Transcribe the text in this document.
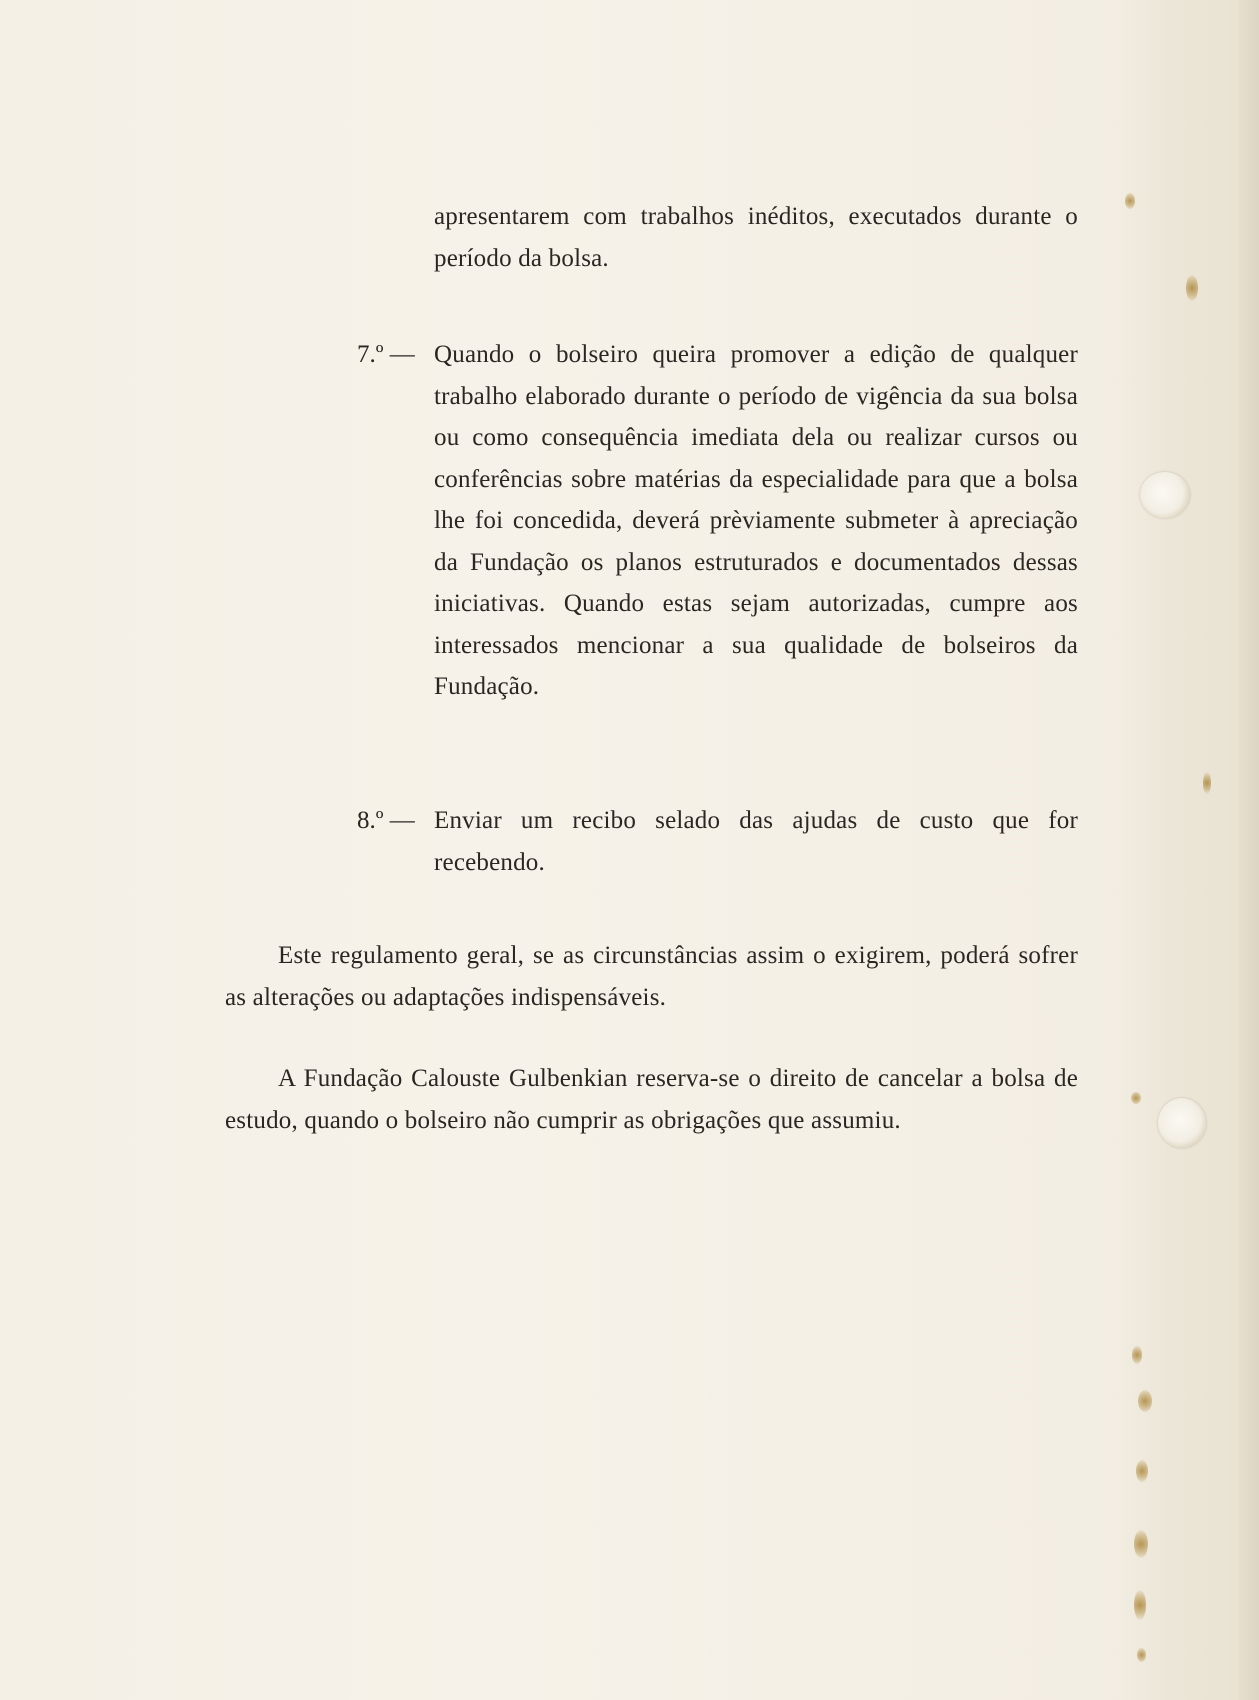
apresentarem com trabalhos inéditos, executados durante o período da bolsa.
7.º — Quando o bolseiro queira promover a edição de qualquer trabalho elaborado durante o período de vigência da sua bolsa ou como consequência imediata dela ou realizar cursos ou conferências sobre matérias da especialidade para que a bolsa lhe foi concedida, deverá prèviamente submeter à apreciação da Fundação os planos estruturados e documentados dessas iniciativas. Quando estas sejam autorizadas, cumpre aos interessados mencionar a sua qualidade de bolseiros da Fundação.
8.º — Enviar um recibo selado das ajudas de custo que for recebendo.
Este regulamento geral, se as circunstâncias assim o exigirem, poderá sofrer as alterações ou adaptações indispensáveis.
A Fundação Calouste Gulbenkian reserva-se o direito de cancelar a bolsa de estudo, quando o bolseiro não cumprir as obrigações que assumiu.
